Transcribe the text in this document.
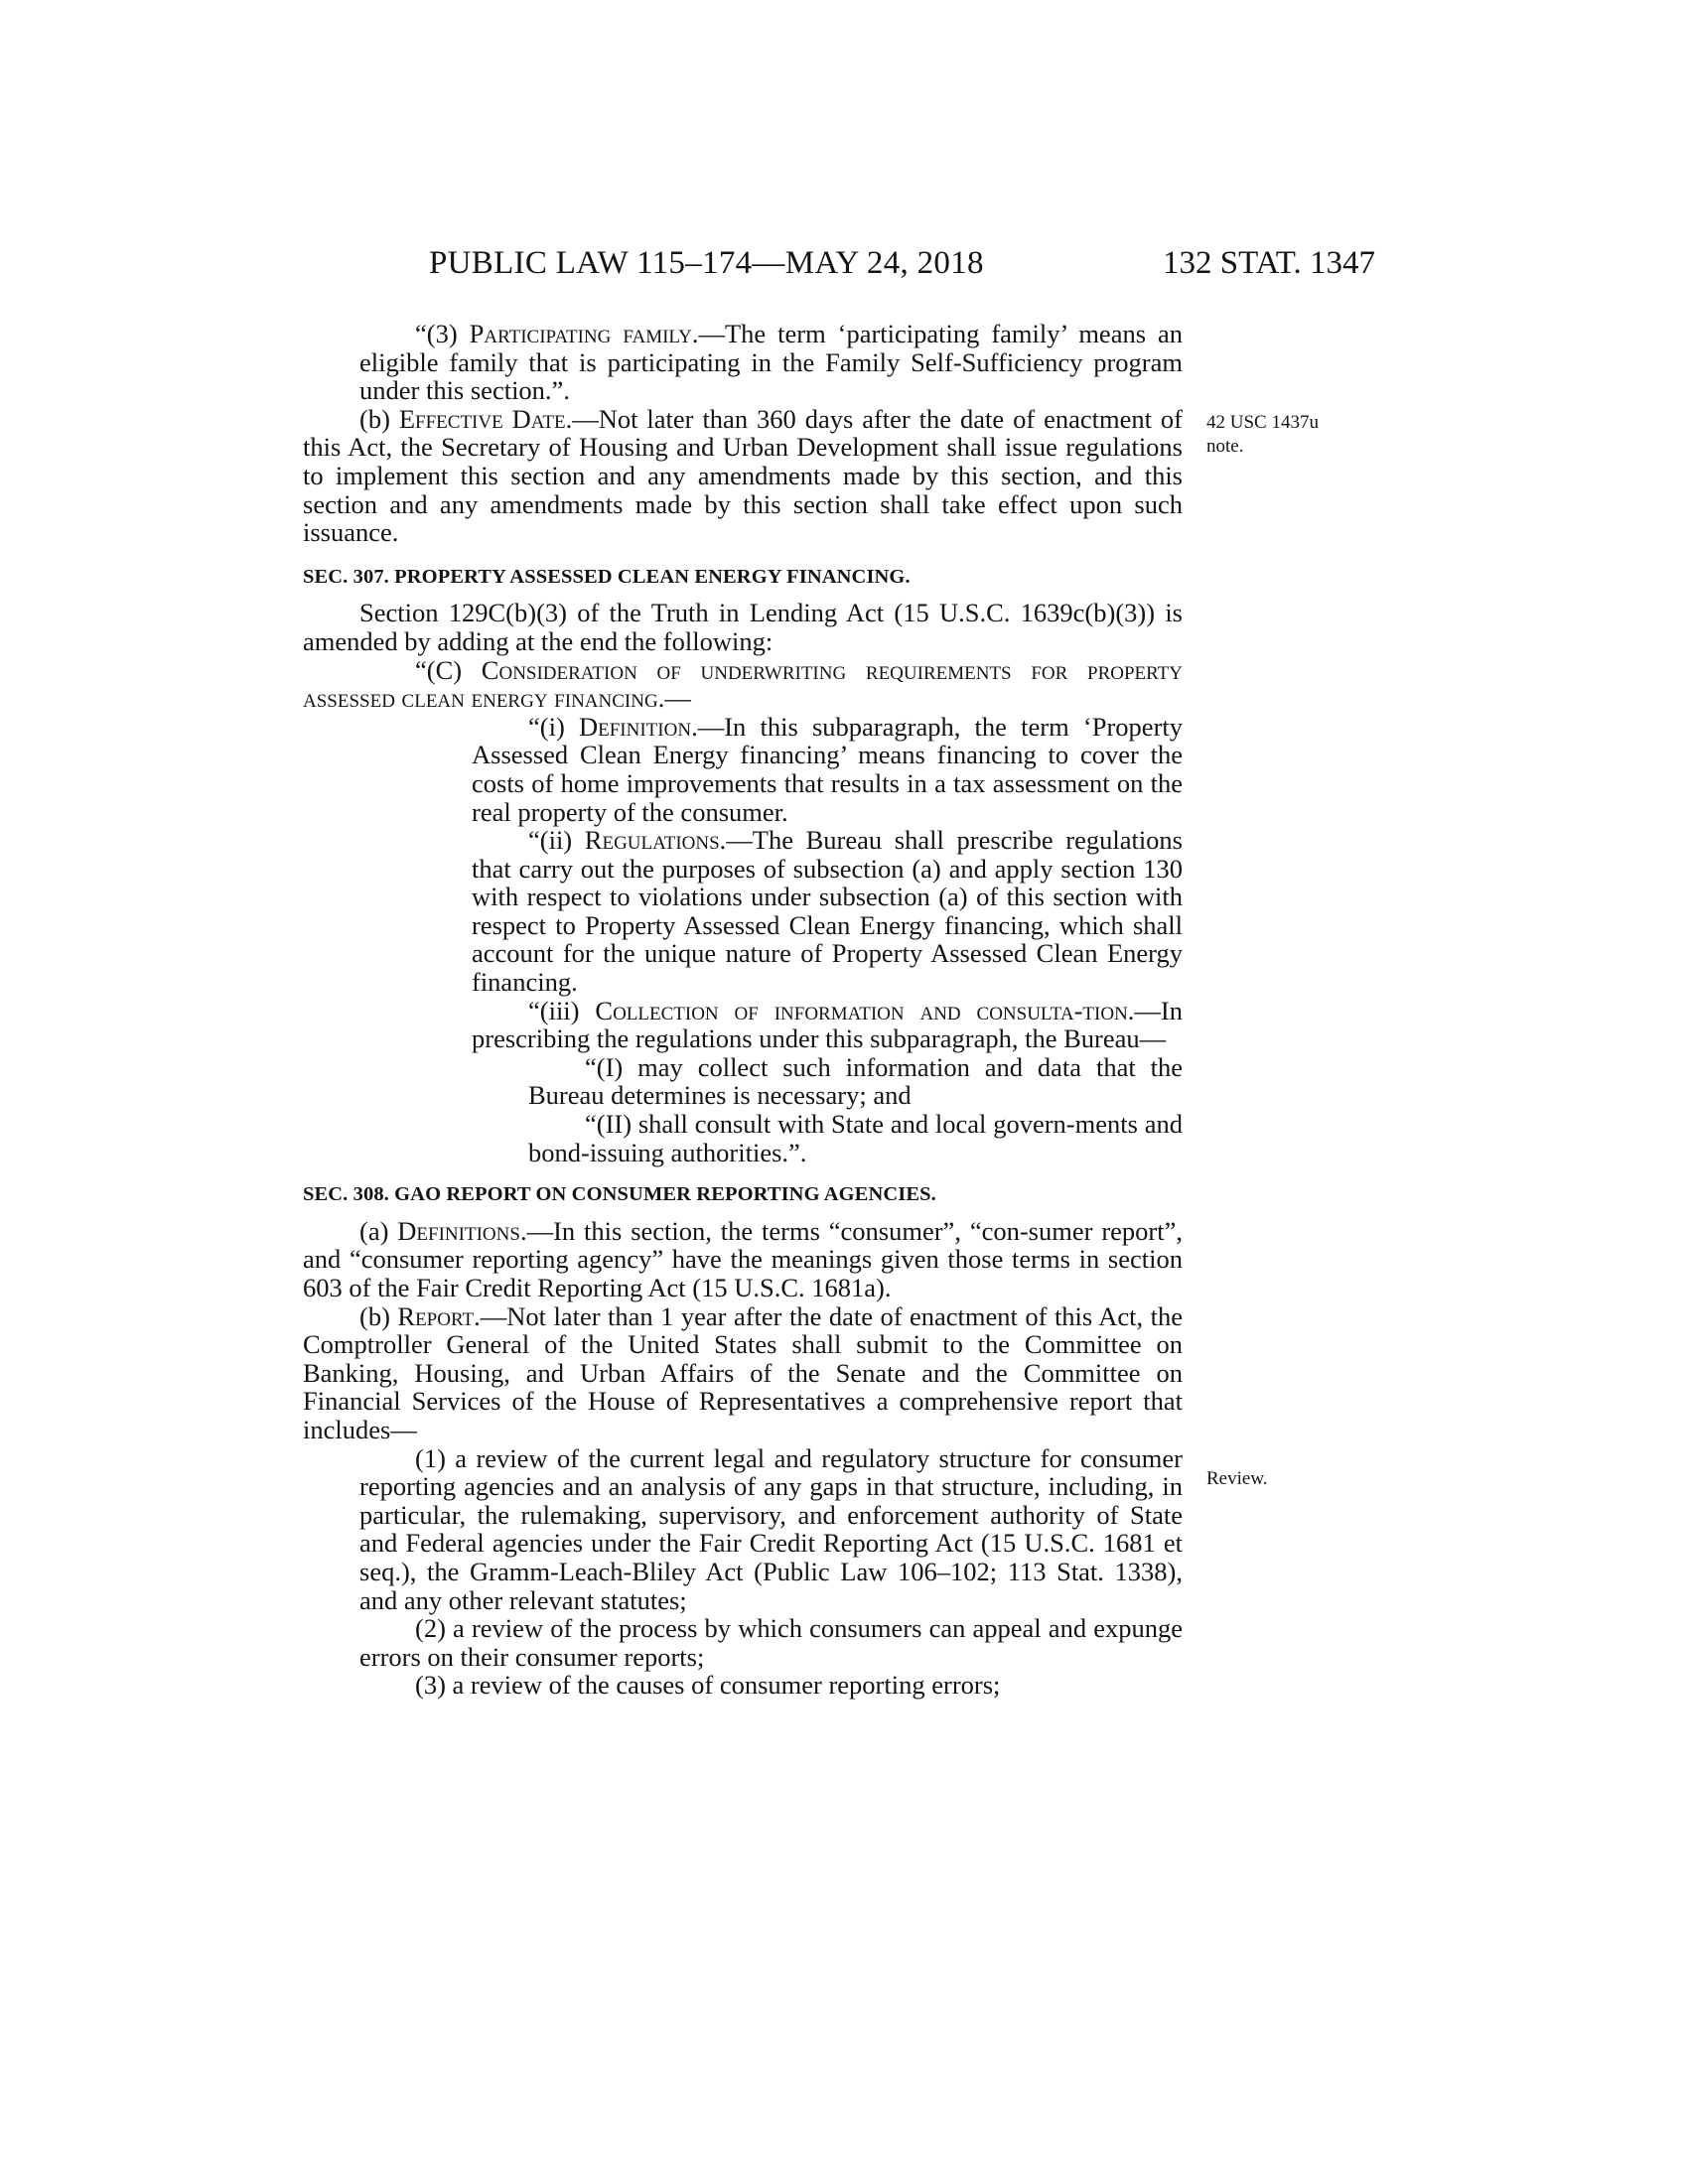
PUBLIC LAW 115–174—MAY 24, 2018	132 STAT. 1347
42 USC 1437u
note.
Review.

“(3) Participating family.—The term ‘participating family’ means an eligible family that is participating in the Family Self-Sufficiency program under this section.”.

(b) Effective Date.—Not later than 360 days after the date of enactment of this Act, the Secretary of Housing and Urban Development shall issue regulations to implement this section and any amendments made by this section, and this section and any amendments made by this section shall take effect upon such issuance.

SEC. 307. PROPERTY ASSESSED CLEAN ENERGY FINANCING.

Section 129C(b)(3) of the Truth in Lending Act (15 U.S.C. 1639c(b)(3)) is amended by adding at the end the following:

“(C) Consideration of underwriting requirements for property assessed clean energy financing.—

“(i) Definition.—In this subparagraph, the term ‘Property Assessed Clean Energy financing’ means financing to cover the costs of home improvements that results in a tax assessment on the real property of the consumer.

“(ii) Regulations.—The Bureau shall prescribe regulations that carry out the purposes of subsection (a) and apply section 130 with respect to violations under subsection (a) of this section with respect to Property Assessed Clean Energy financing, which shall account for the unique nature of Property Assessed Clean Energy financing.

“(iii) Collection of information and consulta-tion.—In prescribing the regulations under this subparagraph, the Bureau—

“(I) may collect such information and data that the Bureau determines is necessary; and

“(II) shall consult with State and local govern-ments and bond-issuing authorities.”.

SEC. 308. GAO REPORT ON CONSUMER REPORTING AGENCIES.

(a) Definitions.—In this section, the terms “consumer”, “con-sumer report”, and “consumer reporting agency” have the meanings given those terms in section 603 of the Fair Credit Reporting Act (15 U.S.C. 1681a).

(b) Report.—Not later than 1 year after the date of enactment of this Act, the Comptroller General of the United States shall submit to the Committee on Banking, Housing, and Urban Affairs of the Senate and the Committee on Financial Services of the House of Representatives a comprehensive report that includes—

(1) a review of the current legal and regulatory structure for consumer reporting agencies and an analysis of any gaps in that structure, including, in particular, the rulemaking, supervisory, and enforcement authority of State and Federal agencies under the Fair Credit Reporting Act (15 U.S.C. 1681 et seq.), the Gramm-Leach-Bliley Act (Public Law 106–102; 113 Stat. 1338), and any other relevant statutes;

(2) a review of the process by which consumers can appeal and expunge errors on their consumer reports;

(3) a review of the causes of consumer reporting errors;
